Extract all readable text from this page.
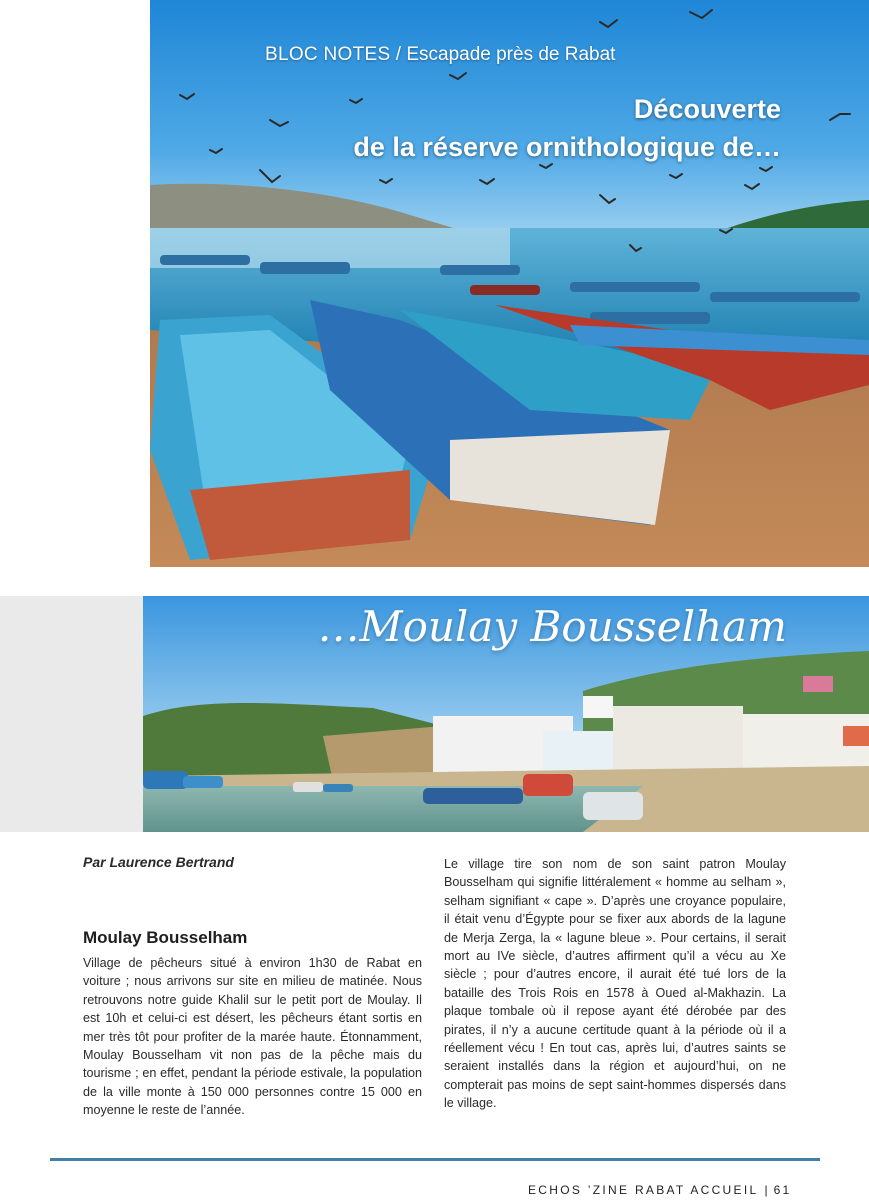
BLOC NOTES / Escapade près de Rabat
Découverte
de la réserve ornithologique de…
…Moulay Bousselham
Par Laurence Bertrand
Moulay Bousselham
Village de pêcheurs situé à environ 1h30 de Rabat en voiture ; nous arrivons sur site en milieu de matinée. Nous retrouvons notre guide Khalil sur le petit port de Moulay. Il est 10h et celui-ci est désert, les pêcheurs étant sortis en mer très tôt pour profiter de la marée haute. Étonnamment, Moulay Bousselham vit non pas de la pêche mais du tourisme ; en effet, pendant la période estivale, la population de la ville monte à 150 000 personnes contre 15 000 en moyenne le reste de l’année.
Le village tire son nom de son saint patron Moulay Bousselham qui signifie littéralement « homme au selham », selham signifiant « cape ». D’après une croyance populaire, il était venu d’Égypte pour se fixer aux abords de la lagune de Merja Zerga, la « lagune bleue ». Pour certains, il serait mort au IVe siècle, d’autres affirment qu’il a vécu au Xe siècle ; pour d’autres encore, il aurait été tué lors de la bataille des Trois Rois en 1578 à Oued al-Makhazin. La plaque tombale où il repose ayant été dérobée par des pirates, il n’y a aucune certitude quant à la période où il a réellement vécu ! En tout cas, après lui, d’autres saints se seraient installés dans la région et aujourd’hui, on ne compterait pas moins de sept saint-hommes dispersés dans le village.
ECHOS ’ZINE RABAT ACCUEIL | 61
